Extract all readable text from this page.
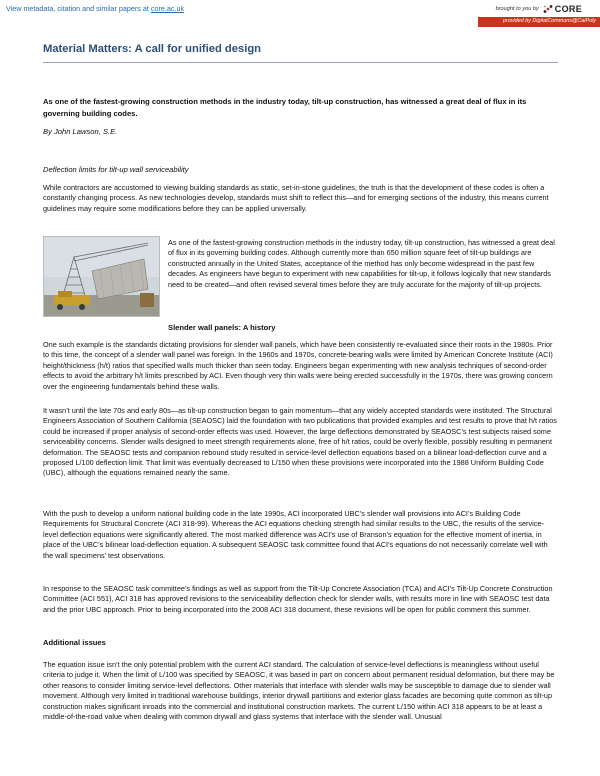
View metadata, citation and similar papers at core.ac.uk	brought to you by CORE
provided by DigitalCommons@CalPoly
Material Matters: A call for unified design

As one of the fastest-growing construction methods in the industry today, tilt-up construction, has witnessed a great deal of flux in its governing building codes.

By John Lawson, S.E.

Deflection limits for tilt-up wall serviceability

While contractors are accustomed to viewing building standards as static, set-in-stone guidelines, the truth is that the development of these codes is often a constantly changing process. As new technologies develop, standards must shift to reflect this—and for emerging sections of the industry, this means current guidelines may require some modifications before they can be applied universally.

As one of the fastest-growing construction methods in the industry today, tilt-up construction, has witnessed a great deal of flux in its governing building codes. Although currently more than 650 million square feet of tilt-up buildings are constructed annually in the United States, acceptance of the method has only become widespread in the past few decades. As engineers have begun to experiment with new capabilities for tilt-up, it follows logically that new standards need to be created—and often revised several times before they are truly accurate for the majority of tilt-up projects.

Slender wall panels: A history

One such example is the standards dictating provisions for slender wall panels, which have been consistently re-evaluated since their roots in the 1980s. Prior to this time, the concept of a slender wall panel was foreign. In the 1960s and 1970s, concrete-bearing walls were limited by American Concrete Institute (ACI) height/thickness (h/t) ratios that specified walls much thicker than seen today. Engineers began experimenting with new analysis techniques of second-order effects to avoid the arbitrary h/t limits prescribed by ACI. Even though very thin walls were being erected successfully in the 1970s, there was growing concern over the engineering fundamentals behind these walls.

It wasn’t until the late 70s and early 80s—as tilt-up construction began to gain momentum—that any widely accepted standards were instituted. The Structural Engineers Association of Southern California (SEAOSC) laid the foundation with two publications that provided examples and test results to prove that h/t ratios could be increased if proper analysis of second-order effects was used. However, the large deflections demonstrated by SEAOSC’s test subjects raised some serviceability concerns. Slender walls designed to meet strength requirements alone, free of h/t ratios, could be overly flexible, possibly resulting in permanent deformation. The SEAOSC tests and companion rebound study resulted in service-level deflection equations based on a bilinear load-deflection curve and a proposed L/100 deflection limit. That limit was eventually decreased to L/150 when these provisions were incorporated into the 1988 Uniform Building Code (UBC), although the equations remained nearly the same.

With the push to develop a uniform national building code in the late 1990s, ACI incorporated UBC’s slender wall provisions into ACI’s Building Code Requirements for Structural Concrete (ACI 318-99). Whereas the ACI equations checking strength had similar results to the UBC, the results of the service-level deflection equations were significantly altered. The most marked difference was ACI’s use of Branson’s equation for the effective moment of inertia, in place of the UBC’s bilinear load-deflection equation. A subsequent SEAOSC task committee found that ACI’s equations do not necessarily correlate well with the wall specimens’ test observations.

In response to the SEAOSC task committee’s findings as well as support from the Tilt-Up Concrete Association (TCA) and ACI’s Tilt-Up Concrete Construction Committee (ACI 551), ACI 318 has approved revisions to the serviceability deflection check for slender walls, with results more in line with SEAOSC test data and the prior UBC approach. Prior to being incorporated into the 2008 ACI 318 document, these revisions will be open for public comment this summer.

Additional issues

The equation issue isn’t the only potential problem with the current ACI standard. The calculation of service-level deflections is meaningless without useful criteria to judge it. When the limit of L/100 was specified by SEAOSC, it was based in part on concern about permanent residual deformation, but there may be other reasons to consider limiting service-level deflections. Other materials that interface with slender walls may be susceptible to damage due to slender wall movement. Although very limited in traditional warehouse buildings, interior drywall partitions and exterior glass facades are becoming quite common as tilt-up construction makes significant inroads into the commercial and institutional construction markets. The current L/150 within ACI 318 appears to be at least a middle-of-the-road value when dealing with common drywall and glass systems that interface with the slender wall. Unusual
